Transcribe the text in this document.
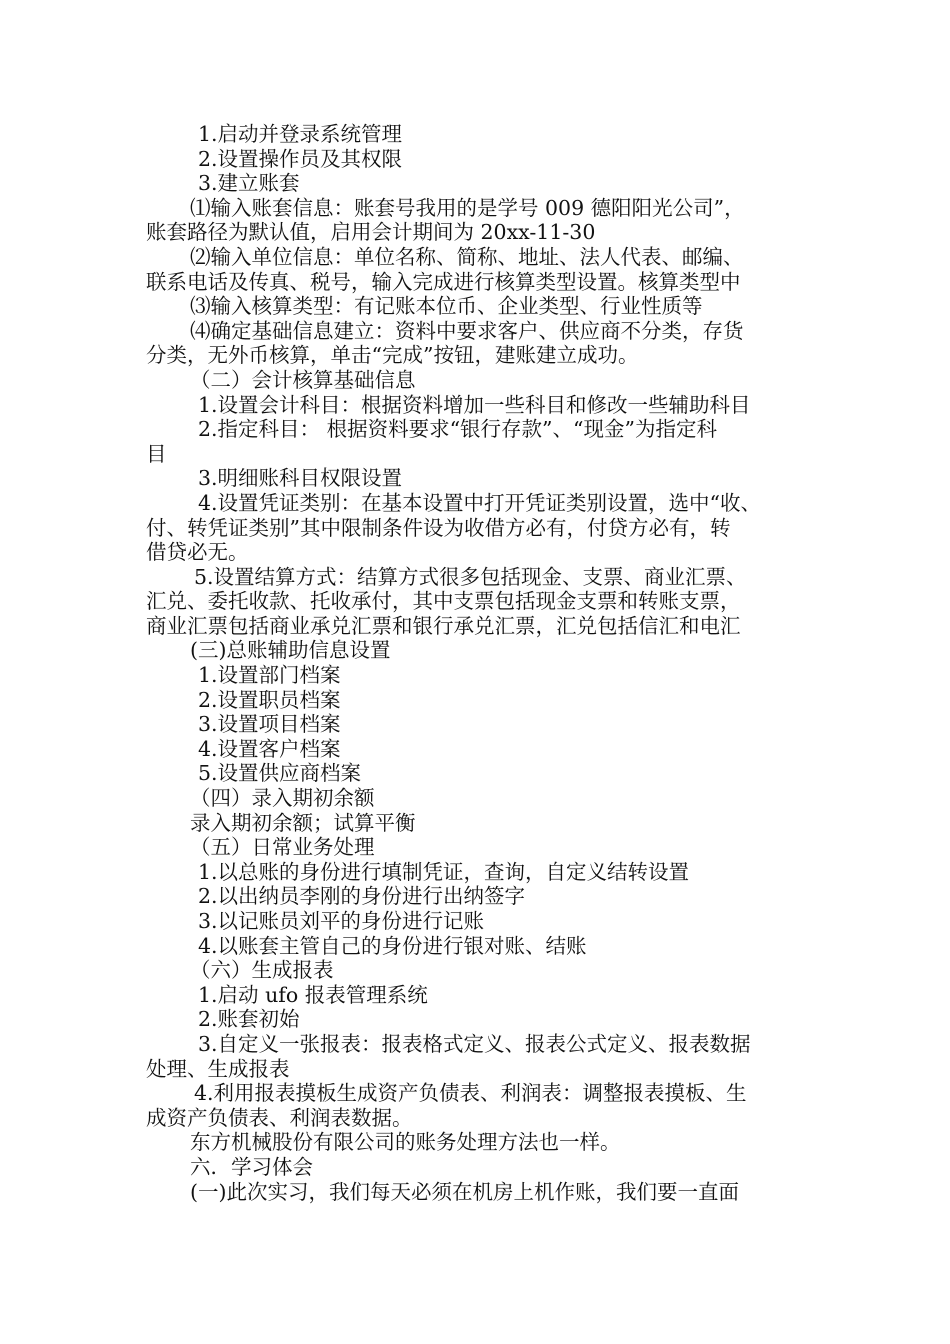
1.启动并登录系统管理
2.设置操作员及其权限
3.建立账套
⑴输入账套信息：账套号我用的是学号 009 德阳阳光公司”，
账套路径为默认值，启用会计期间为 20xx-11-30
⑵输入单位信息：单位名称、简称、地址、法人代表、邮编、
联系电话及传真、税号，输入完成进行核算类型设置。核算类型中
⑶输入核算类型：有记账本位币、企业类型、行业性质等
⑷确定基础信息建立：资料中要求客户、供应商不分类，存货
分类，无外币核算，单击“完成”按钮，建账建立成功。
（二）会计核算基础信息
1.设置会计科目：根据资料增加一些科目和修改一些辅助科目
2.指定科目： 根据资料要求“银行存款”、“现金”为指定科
目
3.明细账科目权限设置
4.设置凭证类别：在基本设置中打开凭证类别设置，选中“收、
付、转凭证类别”其中限制条件设为收借方必有，付贷方必有，转
借贷必无。
5.设置结算方式：结算方式很多包括现金、支票、商业汇票、
汇兑、委托收款、托收承付，其中支票包括现金支票和转账支票，
商业汇票包括商业承兑汇票和银行承兑汇票，汇兑包括信汇和电汇
(三)总账辅助信息设置
1.设置部门档案
2.设置职员档案
3.设置项目档案
4.设置客户档案
5.设置供应商档案
（四）录入期初余额
录入期初余额；试算平衡
（五）日常业务处理
1.以总账的身份进行填制凭证，查询，自定义结转设置
2.以出纳员李刚的身份进行出纳签字
3.以记账员刘平的身份进行记账
4.以账套主管自己的身份进行银对账、结账
（六）生成报表
1.启动 ufo 报表管理系统
2.账套初始
3.自定义一张报表：报表格式定义、报表公式定义、报表数据
处理、生成报表
4.利用报表摸板生成资产负债表、利润表：调整报表摸板、生
成资产负债表、利润表数据。
东方机械股份有限公司的账务处理方法也一样。
六．学习体会
(一)此次实习，我们每天必须在机房上机作账，我们要一直面
